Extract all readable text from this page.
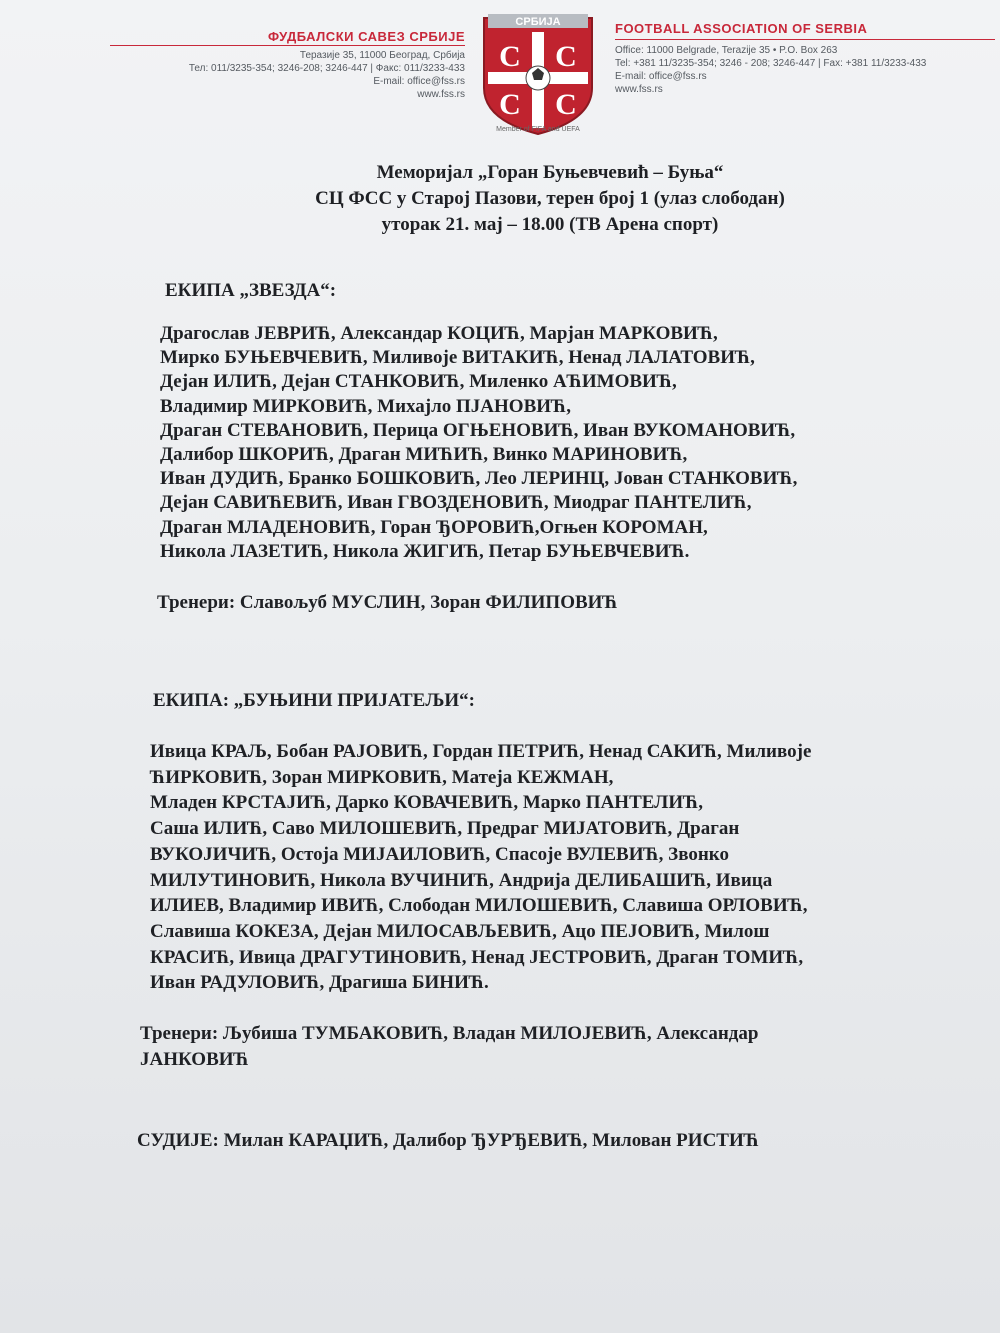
ФУДБАЛСКИ САВЕЗ СРБИЈЕ
Теразије 35, 11000 Београд, Србија
Тел: 011/3235-354; 3246-208; 3246-447 | Факс: 011/3233-433
E-mail: office@fss.rs
www.fss.rs
СРБИЈА
С С
С С
Member of FIFA and UEFA
FOOTBALL ASSOCIATION OF SERBIA
Office: 11000 Belgrade, Terazije 35 • P.O. Box 263
Tel: +381 11/3235-354; 3246 - 208; 3246-447 | Fax: +381 11/3233-433
E-mail: office@fss.rs
www.fss.rs
Меморијал „Горан Буњевчевић – Буња“
СЦ ФСС у Старој Пазови, терен број 1 (улаз слободан)
уторак 21. мај – 18.00 (ТВ Арена спорт)
ЕКИПА „ЗВЕЗДА“:
Драгослав ЈЕВРИЋ, Александар КОЦИЋ, Марјан МАРКОВИЋ,
Мирко БУЊЕВЧЕВИЋ, Миливоје ВИТАКИЋ, Ненад ЛАЛАТОВИЋ,
Дејан ИЛИЋ, Дејан СТАНКОВИЋ, Миленко АЋИМОВИЋ,
Владимир МИРКОВИЋ, Михајло ПЈАНОВИЋ,
Драган СТЕВАНОВИЋ, Перица ОГЊЕНОВИЋ, Иван ВУКОМАНОВИЋ,
Далибор ШКОРИЋ, Драган МИЋИЋ, Винко МАРИНОВИЋ,
Иван ДУДИЋ, Бранко БОШКОВИЋ, Лео ЛЕРИНЦ, Јован СТАНКОВИЋ,
Дејан САВИЋЕВИЋ, Иван ГВОЗДЕНОВИЋ, Миодраг ПАНТЕЛИЋ,
Драган МЛАДЕНОВИЋ, Горан ЂОРОВИЋ,Огњен КОРОМАН,
Никола ЛАЗЕТИЋ, Никола ЖИГИЋ, Петар БУЊЕВЧЕВИЋ.
Тренери: Славољуб МУСЛИН, Зоран ФИЛИПОВИЋ
ЕКИПА: „БУЊИНИ ПРИЈАТЕЉИ“:
Ивица КРАЉ, Бобан РАЈОВИЋ, Гордан ПЕТРИЋ, Ненад САКИЋ, Миливоје
ЋИРКОВИЋ, Зоран МИРКОВИЋ, Матеја КЕЖМАН,
Младен КРСТАЈИЋ, Дарко КОВАЧЕВИЋ, Марко ПАНТЕЛИЋ,
Саша ИЛИЋ, Саво МИЛОШЕВИЋ, Предраг МИЈАТОВИЋ, Драган
ВУКОЈИЧИЋ, Остоја МИЈАИЛОВИЋ, Спасоје ВУЛЕВИЋ, Звонко
МИЛУТИНОВИЋ, Никола ВУЧИНИЋ, Андрија ДЕЛИБАШИЋ, Ивица
ИЛИЕВ, Владимир ИВИЋ, Слободан МИЛОШЕВИЋ, Славиша ОРЛОВИЋ,
Славиша КОКЕЗА, Дејан МИЛОСАВЉЕВИЋ, Ацо ПЕЈОВИЋ, Милош
КРАСИЋ, Ивица ДРАГУТИНОВИЋ, Ненад ЈЕСТРОВИЋ, Драган ТОМИЋ,
Иван РАДУЛОВИЋ, Драгиша БИНИЋ.
Тренери: Љубиша ТУМБАКОВИЋ, Владан МИЛОЈЕВИЋ, Александар
ЈАНКОВИЋ
СУДИЈЕ: Милан КАРАЏИЋ, Далибор ЂУРЂЕВИЋ, Милован РИСТИЋ
